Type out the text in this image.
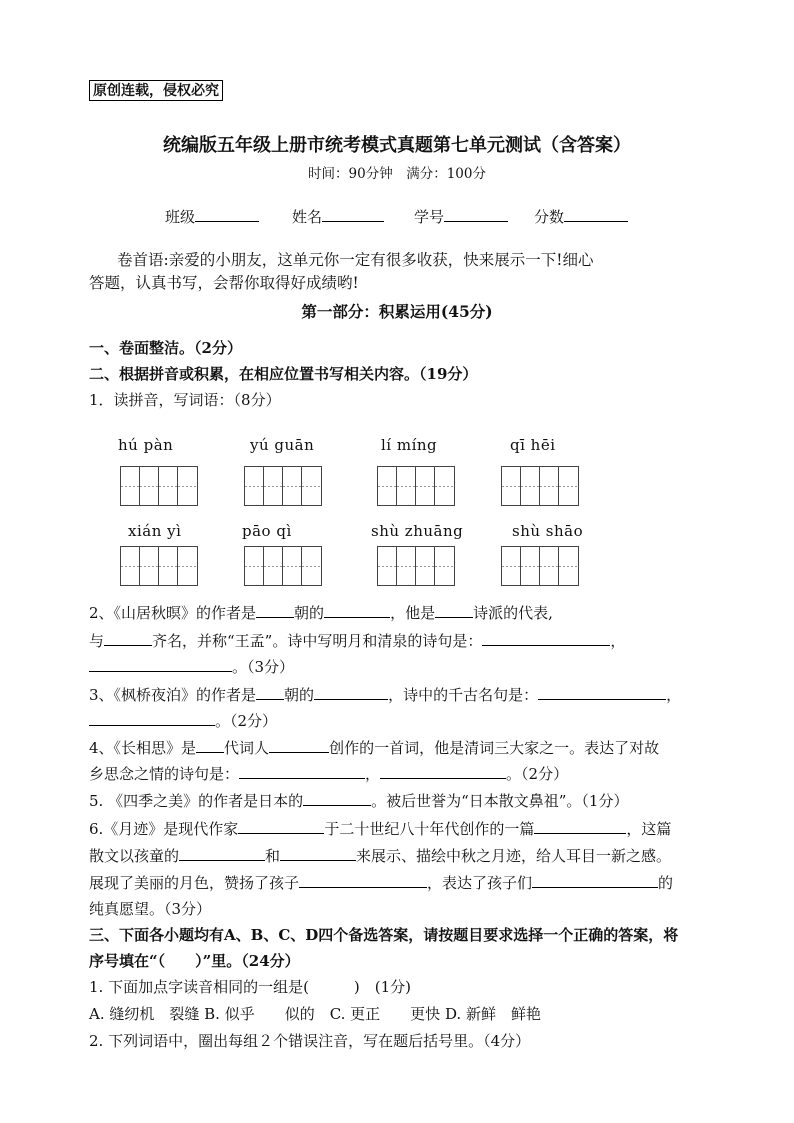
原创连载，侵权必究
统编版五年级上册市统考模式真题第七单元测试（含答案）
时间：90分钟　满分：100分
班级	姓名	学号	分数
卷首语:亲爱的小朋友，这单元你一定有很多收获，快来展示一下!细心
答题，认真书写，会帮你取得好成绩哟!
第一部分：积累运用(45分)
一、卷面整洁。（2分）
二、根据拼音或积累，在相应位置书写相关内容。（19分）
1．读拼音，写词语：（8分）
hú pàn	yú guān	lí míng	qī hēi
xián yì	pāo qì	shù zhuāng	shù shāo
2、《山居秋暝》的作者是	朝的	，他是	诗派的代表,
与	齐名，并称“王孟”。诗中写明月和清泉的诗句是：	，
。（3分）
3、《枫桥夜泊》的作者是 朝的	，诗中的千古名句是：	，
。（2分）
4、《长相思》是 代词人	创作的一首词，他是清词三大家之一。表达了对故
乡思念之情的诗句是：	，	。（2分）
5. 《四季之美》的作者是日本的	。被后世誉为“日本散文鼻祖”。（1分）
6.《月迹》是现代作家	于二十世纪八十年代创作的一篇	，这篇
散文以孩童的	和	来展示、描绘中秋之月迹，给人耳目一新之感。
展现了美丽的月色，赞扬了孩子	，表达了孩子们	的
纯真愿望。（3分）
三、下面各小题均有A、B、C、D四个备选答案，请按题目要求选择一个正确的答案，将
序号填在“（　　）”里。（24分）
1. 下面加点字读音相同的一组是(　　　)　(1分)
A. 缝纫机　裂缝 B. 似乎　　似的　C. 更正　　更快 D. 新鲜　鲜艳
2. 下列词语中，圈出每组２个错误注音，写在题后括号里。（4分）
